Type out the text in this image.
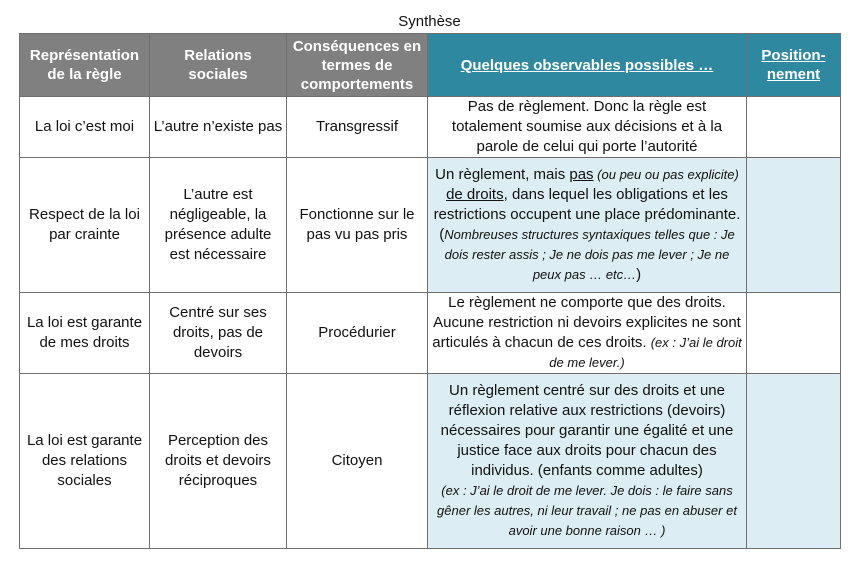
Synthèse
Représentation de la règle	Relations sociales	Conséquences en termes de comportements	Quelques observables possibles …	Position-nement
La loi c’est moi	L’autre n’existe pas	Transgressif	Pas de règlement. Donc la règle est totalement soumise aux décisions et à la parole de celui qui porte l’autorité	
Respect de la loi par crainte	L’autre est négligeable, la présence adulte est nécessaire	Fonctionne sur le pas vu pas pris	Un règlement, mais pas (ou peu ou pas explicite) de droits, dans lequel les obligations et les restrictions occupent une place prédominante. (Nombreuses structures syntaxiques telles que : Je dois rester assis ; Je ne dois pas me lever ; Je ne peux pas … etc…)	
La loi est garante de mes droits	Centré sur ses droits, pas de devoirs	Procédurier	Le règlement ne comporte que des droits. Aucune restriction ni devoirs explicites ne sont articulés à chacun de ces droits. (ex : J’ai le droit de me lever.)	
La loi est garante des relations sociales	Perception des droits et devoirs réciproques	Citoyen	Un règlement centré sur des droits et une réflexion relative aux restrictions (devoirs) nécessaires pour garantir une égalité et une justice face aux droits pour chacun des individus. (enfants comme adultes)
(ex : J’ai le droit de me lever. Je dois : le faire sans gêner les autres, ni leur travail ; ne pas en abuser et avoir une bonne raison … )	
